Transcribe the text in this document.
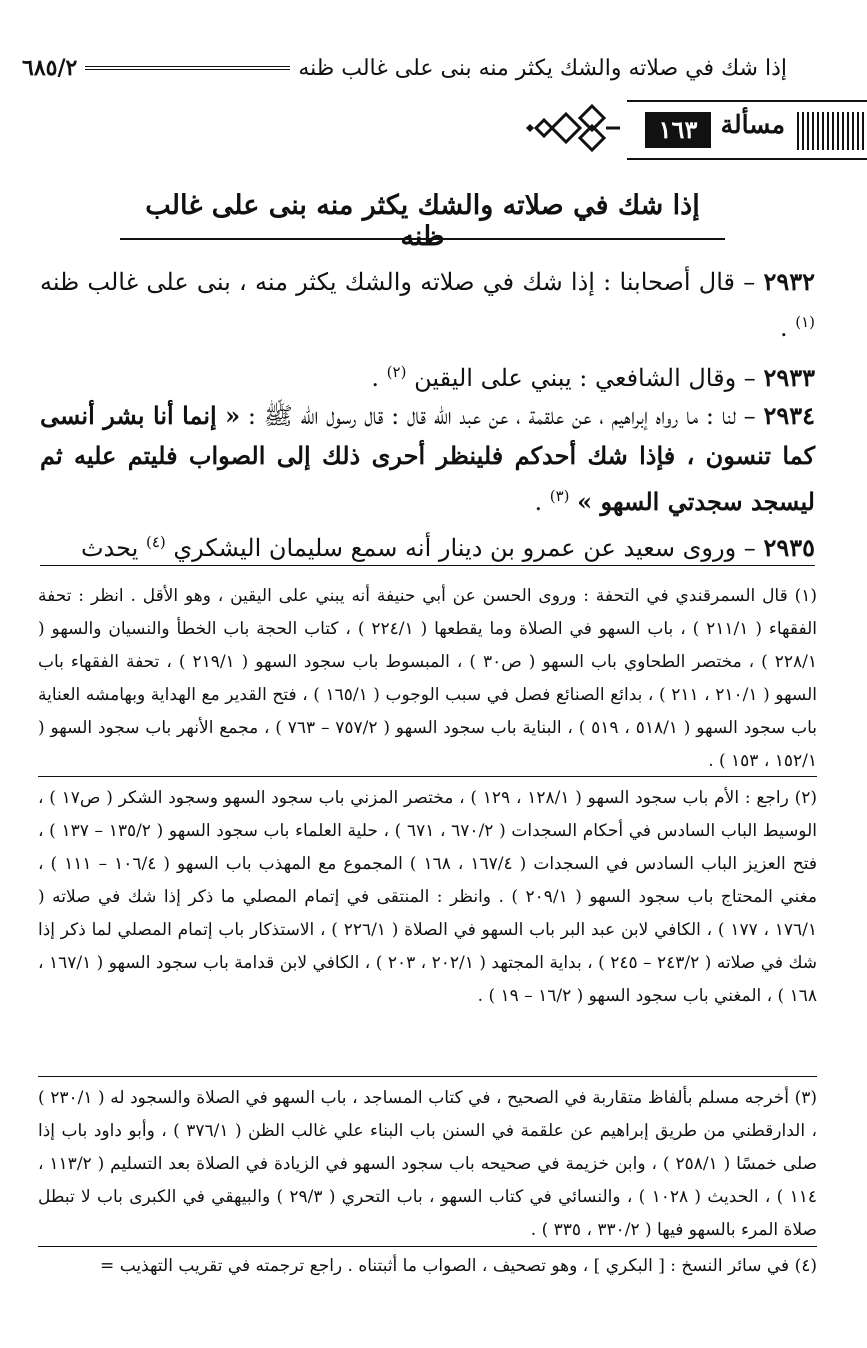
إذا شك في صلاته والشك يكثر منه بنى على غالب ظنه
٦٨٥/٢
مسألة
١٦٣
إذا شك في صلاته والشك يكثر منه بنى على غالب ظنه
٢٩٣٢ – قال أصحابنا : إذا شك في صلاته والشك يكثر منه ، بنى على غالب ظنه $^{(١)}$ .
٢٩٣٣ – وقال الشافعي : يبني على اليقين $^{(٢)}$ .
٢٩٣٤ – لنا : ما رواه إبراهيم ، عن علقمة ، عن عبد الله قال : قال رسول الله ﷺ : « إنما أنا بشر أنسى كما تنسون ، فإذا شك أحدكم فلينظر أحرى ذلك إلى الصواب فليتم عليه ثم ليسجد سجدتي السهو » $^{(٣)}$ .
٢٩٣٥ – وروى سعيد عن عمرو بن دينار أنه سمع سليمان اليشكري $^{(٤)}$ يحدث
(١) قال السمرقندي في التحفة : وروى الحسن عن أبي حنيفة أنه يبني على اليقين ، وهو الأقل . انظر : تحفة الفقهاء ( ٢١١/١ ) ، باب السهو في الصلاة وما يقطعها ( ٢٢٤/١ ) ، كتاب الحجة باب الخطأ والنسيان والسهو ( ٢٢٨/١ ) ، مختصر الطحاوي باب السهو ( ص٣٠ ) ، المبسوط باب سجود السهو ( ٢١٩/١ ) ، تحفة الفقهاء باب السهو ( ٢١٠/١ ، ٢١١ ) ، بدائع الصنائع فصل في سبب الوجوب ( ١٦٥/١ ) ، فتح القدير مع الهداية وبهامشه العناية باب سجود السهو ( ٥١٨/١ ، ٥١٩ ) ، البناية باب سجود السهو ( ٧٥٧/٢ – ٧٦٣ ) ، مجمع الأنهر باب سجود السهو ( ١٥٢/١ ، ١٥٣ ) .
(٢) راجع : الأم باب سجود السهو ( ١٢٨/١ ، ١٢٩ ) ، مختصر المزني باب سجود السهو وسجود الشكر ( ص١٧ ) ، الوسيط الباب السادس في أحكام السجدات ( ٦٧٠/٢ ، ٦٧١ ) ، حلية العلماء باب سجود السهو ( ١٣٥/٢ – ١٣٧ ) ، فتح العزيز الباب السادس في السجدات ( ١٦٧/٤ ، ١٦٨ ) المجموع مع المهذب باب السهو ( ١٠٦/٤ – ١١١ ) ، مغني المحتاج باب سجود السهو ( ٢٠٩/١ ) . وانظر : المنتقى في إتمام المصلي ما ذكر إذا شك في صلاته ( ١٧٦/١ ، ١٧٧ ) ، الكافي لابن عبد البر باب السهو في الصلاة ( ٢٢٦/١ ) ، الاستذكار باب إتمام المصلي لما ذكر إذا شك في صلاته ( ٢٤٣/٢ – ٢٤٥ ) ، بداية المجتهد ( ٢٠٢/١ ، ٢٠٣ ) ، الكافي لابن قدامة باب سجود السهو ( ١٦٧/١ ، ١٦٨ ) ، المغني باب سجود السهو ( ١٦/٢ – ١٩ ) .
(٣) أخرجه مسلم بألفاظ متقاربة في الصحيح ، في كتاب المساجد ، باب السهو في الصلاة والسجود له ( ٢٣٠/١ ) ، الدارقطني من طريق إبراهيم عن علقمة في السنن باب البناء علي غالب الظن ( ٣٧٦/١ ) ، وأبو داود باب إذا صلى خمسًا ( ٢٥٨/١ ) ، وابن خزيمة في صحيحه باب سجود السهو في الزيادة في الصلاة بعد التسليم ( ١١٣/٢ ، ١١٤ ) ، الحديث ( ١٠٢٨ ) ، والنسائي في كتاب السهو ، باب التحري ( ٢٩/٣ ) والبيهقي في الكبرى باب لا تبطل صلاة المرء بالسهو فيها ( ٣٣٠/٢ ، ٣٣٥ ) .
(٤) في سائر النسخ : [ البكري ] ، وهو تصحيف ، الصواب ما أثبتناه . راجع ترجمته في تقريب التهذيب =
